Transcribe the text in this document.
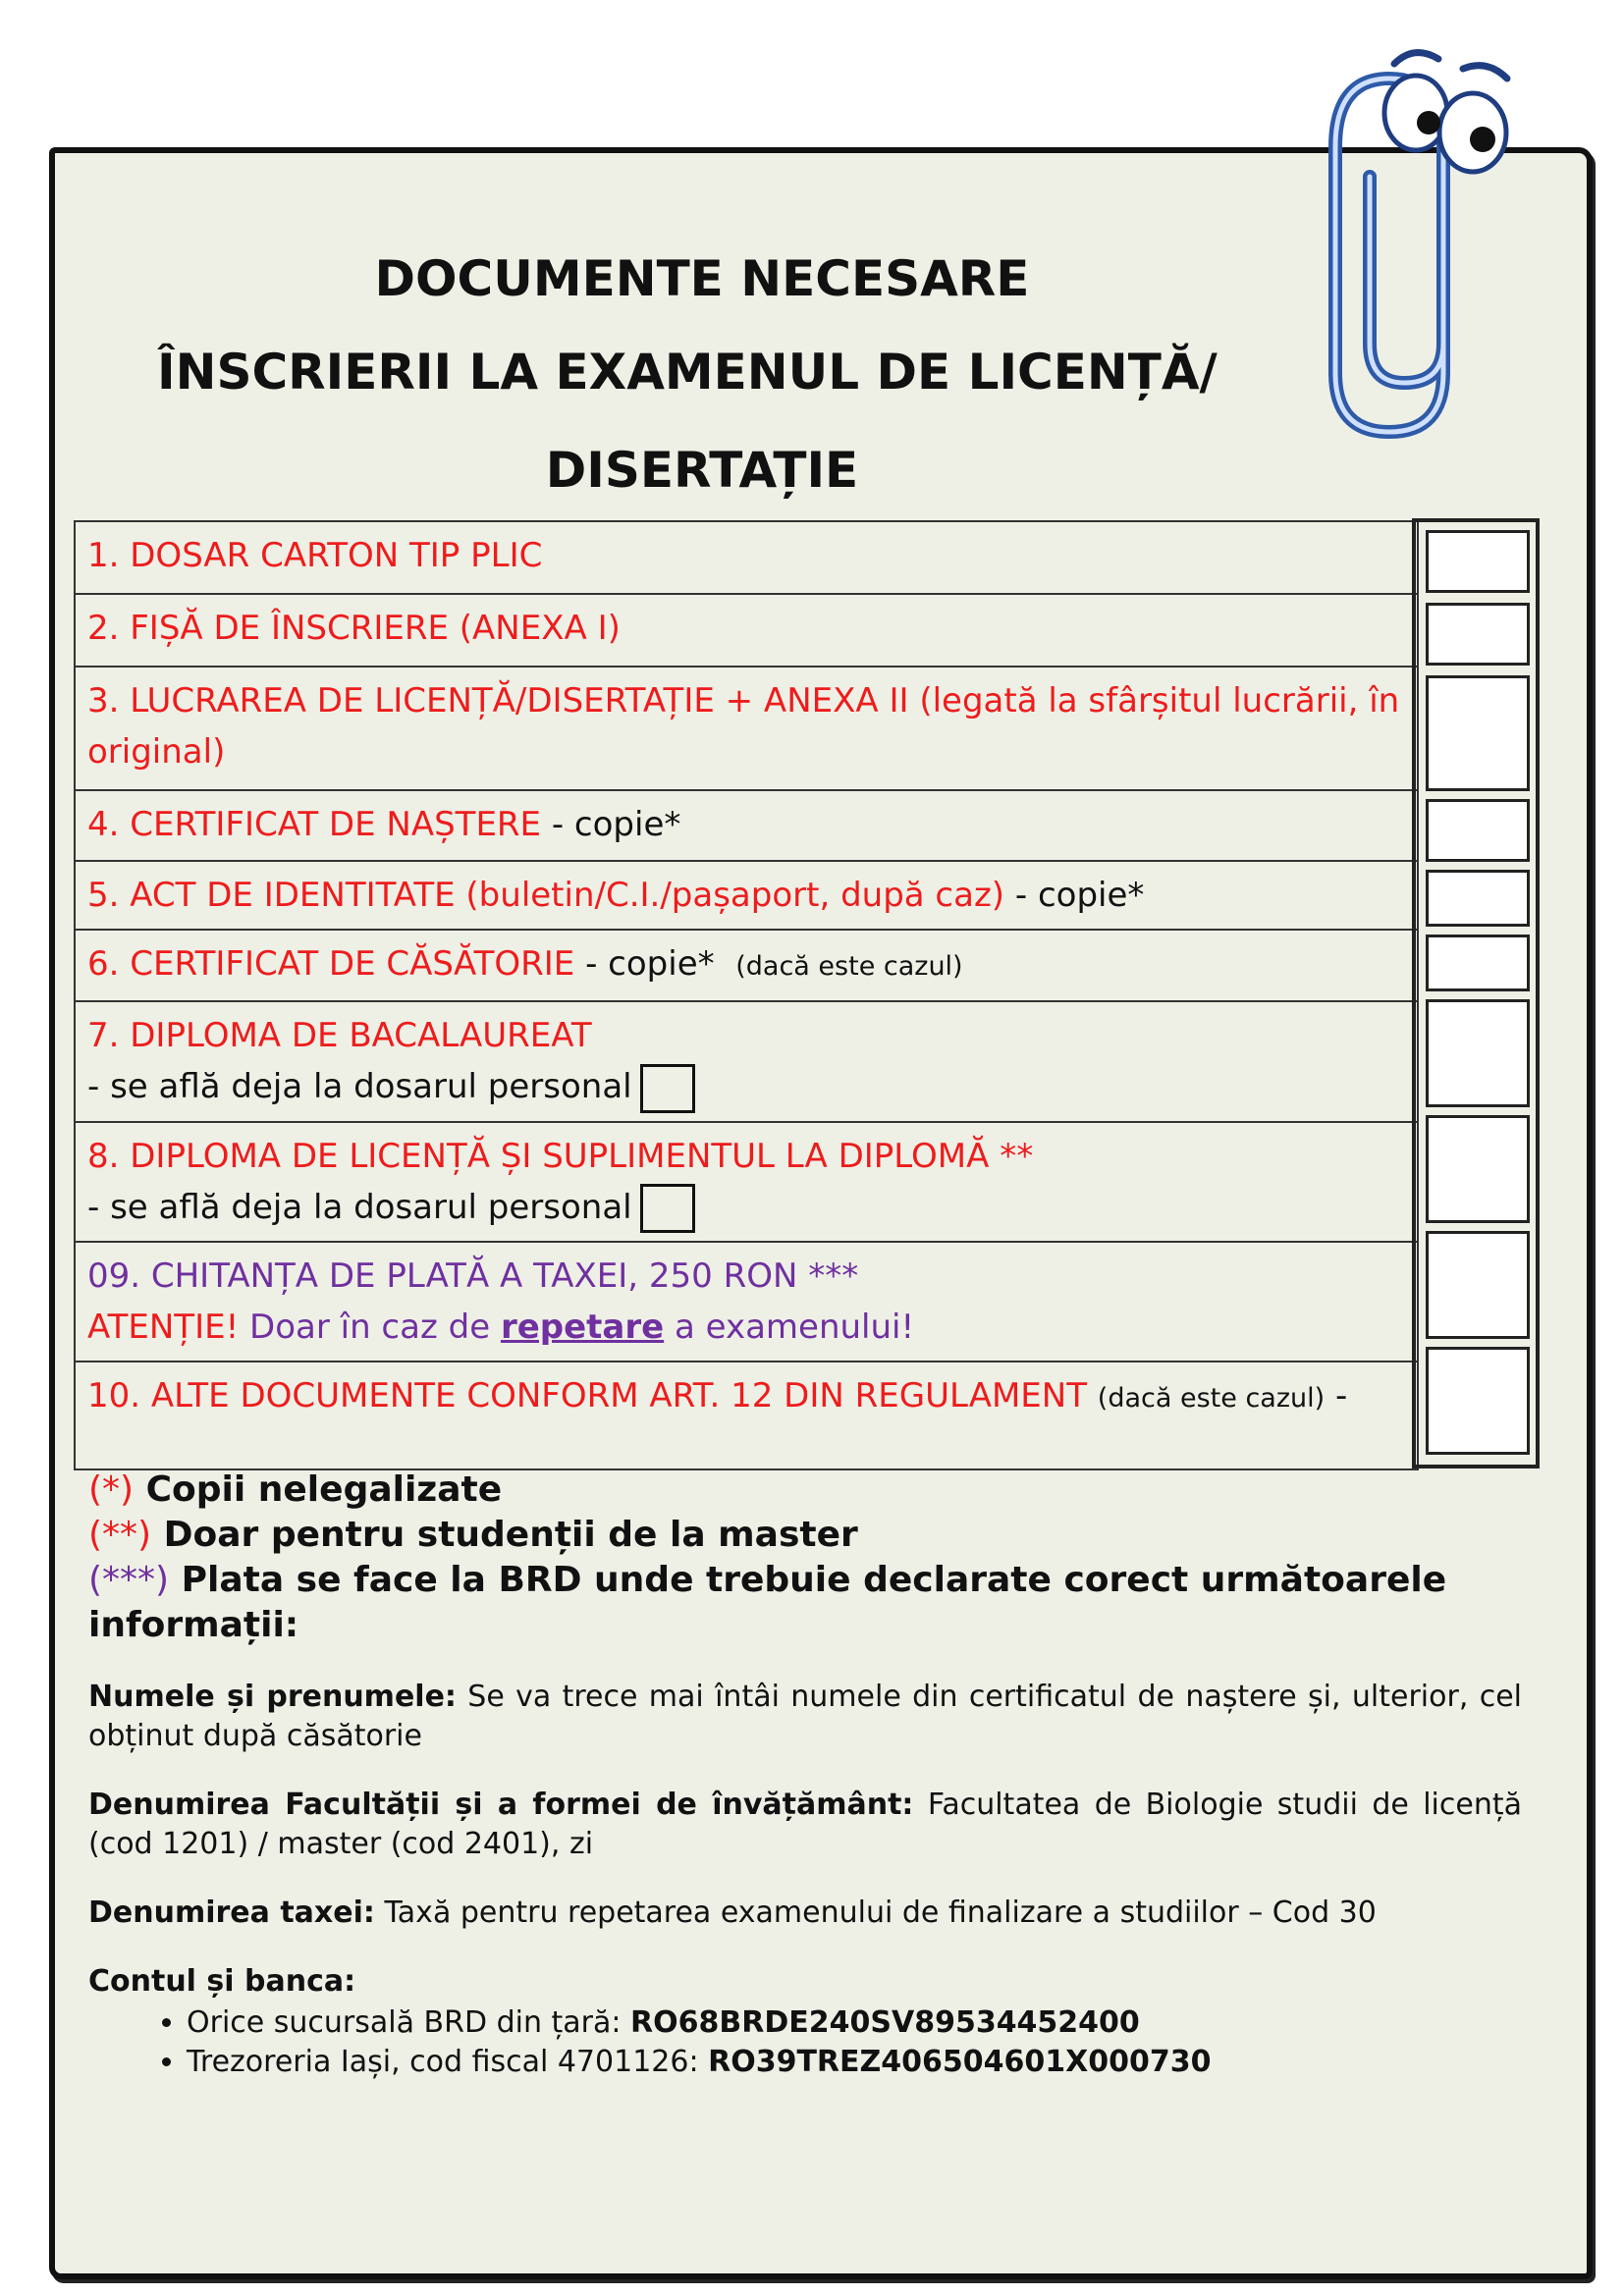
DOCUMENTE NECESARE
ÎNSCRIERII LA EXAMENUL DE LICENȚĂ/
DISERTAȚIE
1. DOSAR CARTON TIP PLIC
2. FIȘĂ DE ÎNSCRIERE (ANEXA I)
3. LUCRAREA DE LICENȚĂ/DISERTAȚIE + ANEXA II (legată la sfârșitul lucrării, în original)
4. CERTIFICAT DE NAȘTERE - copie*
5. ACT DE IDENTITATE (buletin/C.I./pașaport, după caz) - copie*
6. CERTIFICAT DE CĂSĂTORIE - copie* (dacă este cazul)
7. DIPLOMA DE BACALAUREAT
- se află deja la dosarul personal
8. DIPLOMA DE LICENȚĂ ȘI SUPLIMENTUL LA DIPLOMĂ **
- se află deja la dosarul personal
09. CHITANȚA DE PLATĂ A TAXEI, 250 RON ***
ATENȚIE! Doar în caz de repetare a examenului!
10. ALTE DOCUMENTE CONFORM ART. 12 DIN REGULAMENT (dacă este cazul) -
(*) Copii nelegalizate
(**) Doar pentru studenții de la master
(***) Plata se face la BRD unde trebuie declarate corect următoarele informații:
Numele și prenumele: Se va trece mai întâi numele din certificatul de naștere și, ulterior, cel obținut după căsătorie
Denumirea Facultății și a formei de învățământ: Facultatea de Biologie studii de licență (cod 1201) / master (cod 2401), zi
Denumirea taxei: Taxă pentru repetarea examenului de finalizare a studiilor – Cod 30
Contul și banca:
• Orice sucursală BRD din țară: RO68BRDE240SV89534452400
• Trezoreria Iași, cod fiscal 4701126: RO39TREZ406504601X000730
